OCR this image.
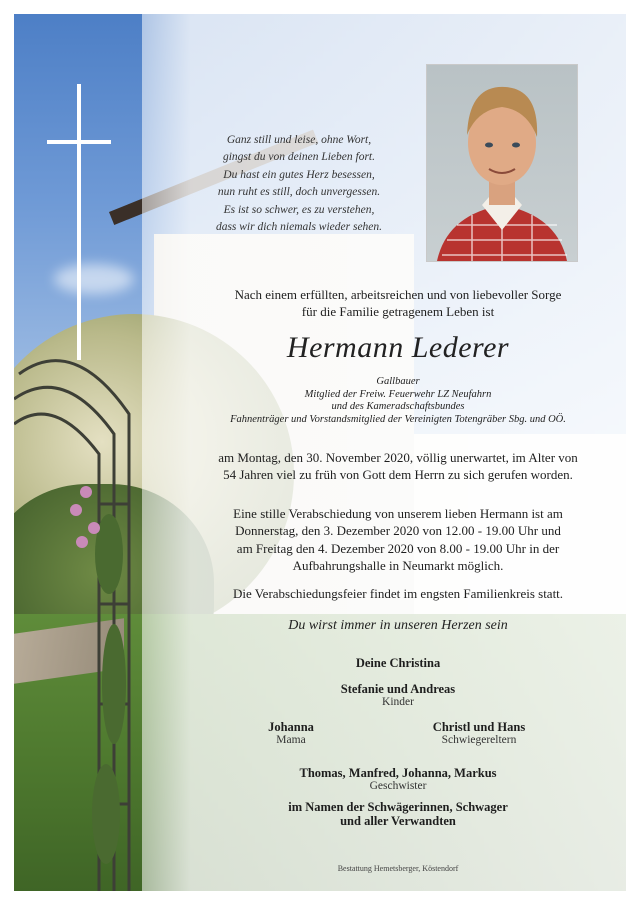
Ganz still und leise, ohne Wort,
gingst du von deinen Lieben fort.
Du hast ein gutes Herz besessen,
nun ruht es still, doch unvergessen.
Es ist so schwer, es zu verstehen,
dass wir dich niemals wieder sehen.
Nach einem erfüllten, arbeitsreichen und von liebevoller Sorge
für die Familie getragenem Leben ist
Hermann Lederer
Gallbauer
Mitglied der Freiw. Feuerwehr LZ Neufahrn
und des Kameradschaftsbundes
Fahnenträger und Vorstandsmitglied der Vereinigten Totengräber Sbg. und OÖ.
am Montag, den 30. November 2020, völlig unerwartet, im Alter von
54 Jahren viel zu früh von Gott dem Herrn zu sich gerufen worden.
Eine stille Verabschiedung von unserem lieben Hermann ist am
Donnerstag, den 3. Dezember 2020 von 12.00 - 19.00 Uhr und
am Freitag den 4. Dezember 2020 von 8.00 - 19.00 Uhr in der
Aufbahrungshalle in Neumarkt möglich.
Die Verabschiedungsfeier findet im engsten Familienkreis statt.
Du wirst immer in unseren Herzen sein
Deine Christina
Stefanie und Andreas
Kinder
Johanna
Mama
Christl und Hans
Schwiegereltern
Thomas, Manfred, Johanna, Markus
Geschwister
im Namen der Schwägerinnen, Schwager
und aller Verwandten
Bestattung Hemetsberger, Köstendorf
